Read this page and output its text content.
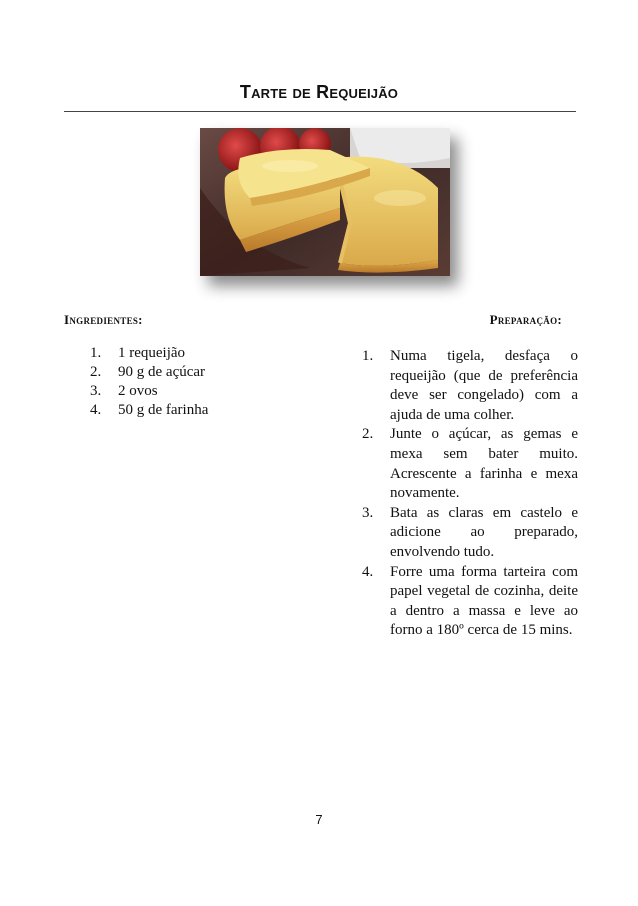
Tarte de Requeijão
Ingredientes:	Preparação:
1.	1 requeijão
2.	90 g de açúcar
3.	2 ovos
4.	50 g de farinha
1.	Numa tigela, desfaça o requeijão (que de preferência deve ser congelado) com a ajuda de uma colher.
2.	Junte o açúcar, as gemas e mexa sem bater muito. Acrescente a farinha e mexa novamente.
3.	Bata as claras em castelo e adicione ao preparado, envolvendo tudo.
4.	Forre uma forma tarteira com papel vegetal de cozinha, deite a dentro a massa e leve ao forno a 180º cerca de 15 mins.
7
